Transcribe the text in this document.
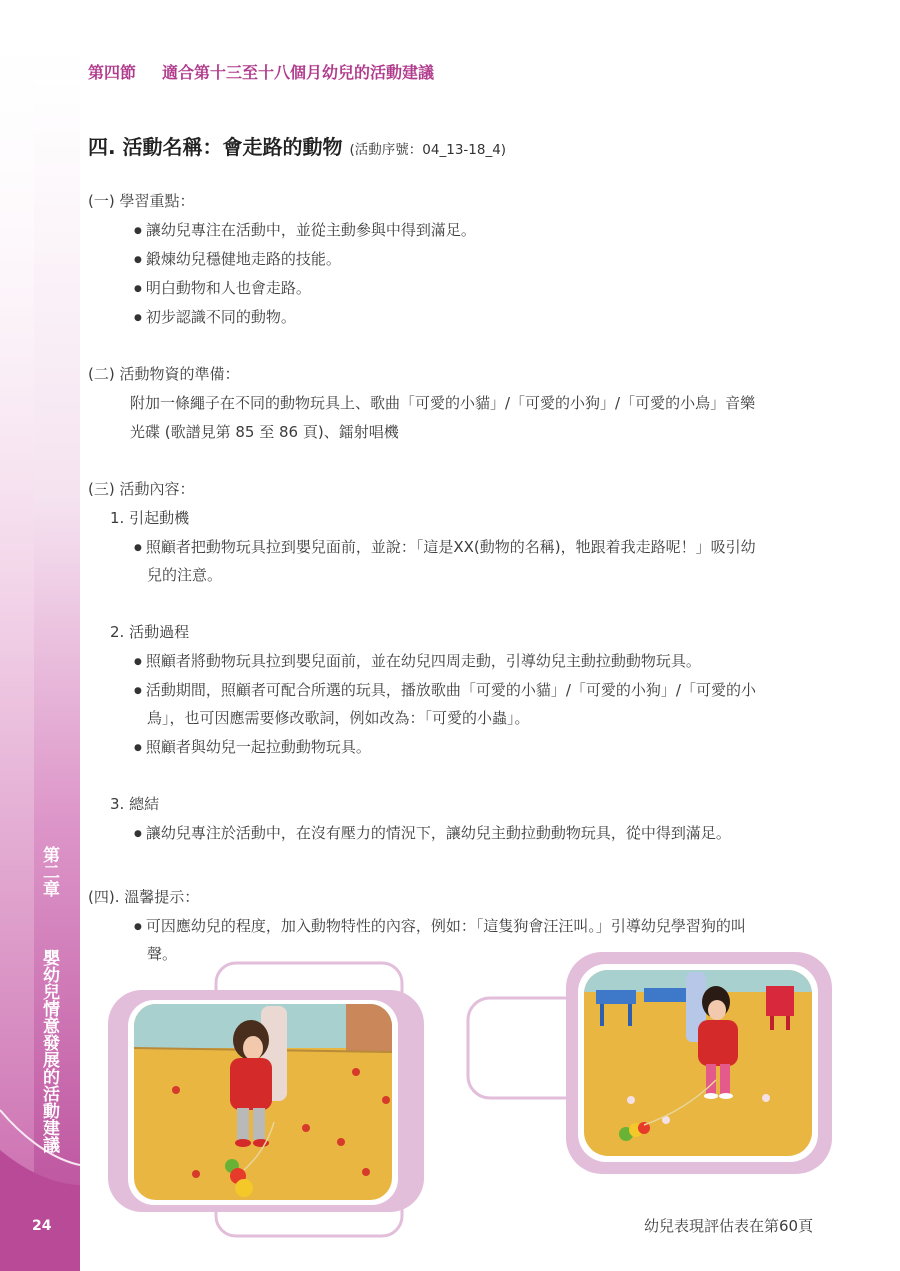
第二章  嬰幼兒情意發展的活動建議
24
第四節 適合第十三至十八個月幼兒的活動建議
四. 活動名稱：會走路的動物 (活動序號：04_13-18_4)
(一) 學習重點：
● 讓幼兒專注在活動中，並從主動參與中得到滿足。
● 鍛煉幼兒穩健地走路的技能。
● 明白動物和人也會走路。
● 初步認識不同的動物。
(二) 活動物資的準備：
附加一條繩子在不同的動物玩具上、歌曲「可愛的小貓」/「可愛的小狗」/「可愛的小鳥」音樂
光碟 (歌譜見第 85 至 86 頁)、鐳射唱機
(三) 活動內容：
1. 引起動機
● 照顧者把動物玩具拉到嬰兒面前，並說：「這是XX(動物的名稱)，牠跟着我走路呢！」吸引幼
兒的注意。
2. 活動過程
● 照顧者將動物玩具拉到嬰兒面前，並在幼兒四周走動，引導幼兒主動拉動動物玩具。
● 活動期間，照顧者可配合所選的玩具，播放歌曲「可愛的小貓」/「可愛的小狗」/「可愛的小
鳥」，也可因應需要修改歌詞，例如改為：「可愛的小蟲」。
● 照顧者與幼兒一起拉動動物玩具。
3. 總結
● 讓幼兒專注於活動中，在沒有壓力的情況下，讓幼兒主動拉動動物玩具，從中得到滿足。
(四). 溫馨提示：
● 可因應幼兒的程度，加入動物特性的內容，例如：「這隻狗會汪汪叫。」引導幼兒學習狗的叫
聲。
幼兒表現評估表在第60頁
